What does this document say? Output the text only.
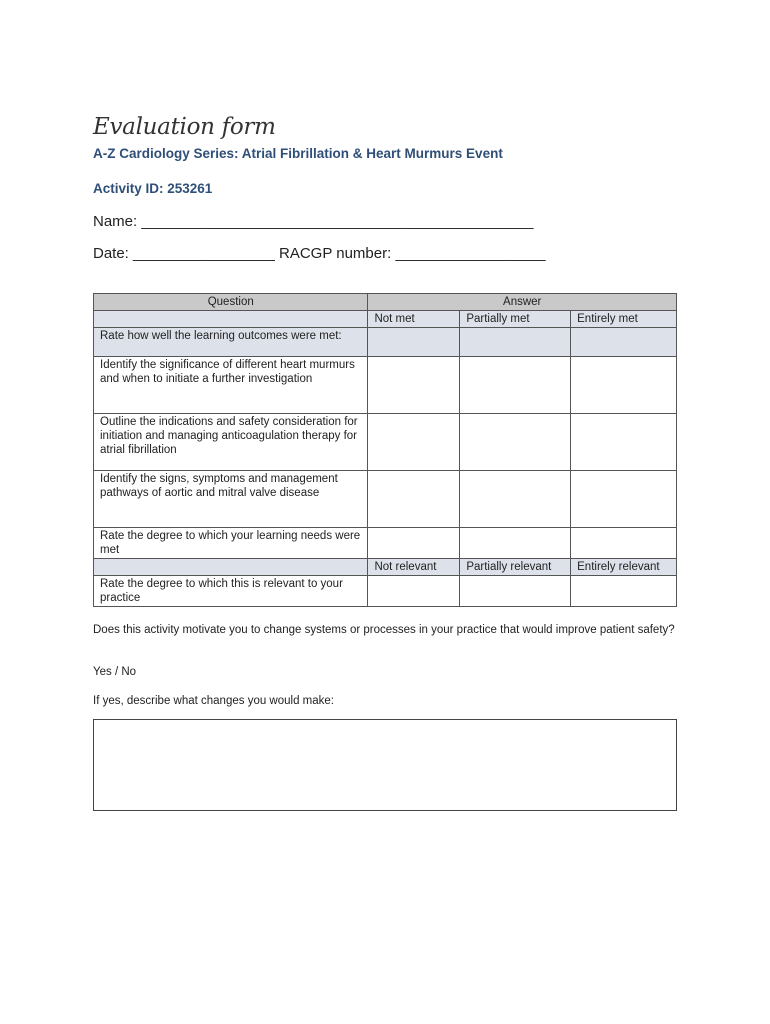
Evaluation form
A-Z Cardiology Series: Atrial Fibrillation & Heart Murmurs Event
Activity ID: 253261
Name: _______________________________________________
Date: _________________ RACGP number: __________________
Question	Answer		
	Not met	Partially met	Entirely met
Rate how well the learning outcomes were met:			
Identify the significance of different heart murmurs and when to initiate a further investigation			
Outline the indications and safety consideration for initiation and managing anticoagulation therapy for atrial fibrillation			
Identify the signs, symptoms and management pathways of aortic and mitral valve disease			
Rate the degree to which your learning needs were met			
	Not relevant	Partially relevant	Entirely relevant
Rate the degree to which this is relevant to your practice			
Does this activity motivate you to change systems or processes in your practice that would improve patient safety?
Yes / No
If yes, describe what changes you would make:
